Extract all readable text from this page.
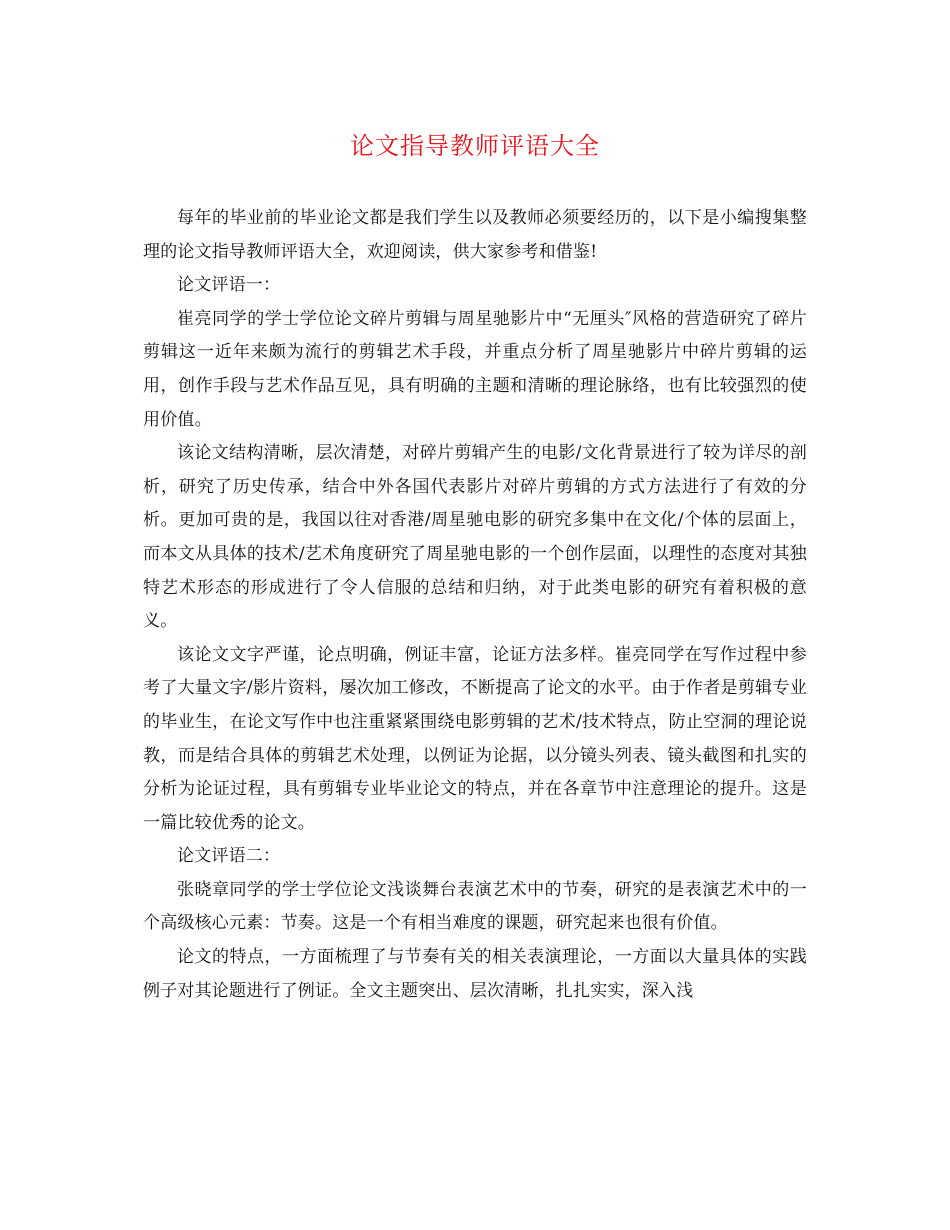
论文指导教师评语大全

每年的毕业前的毕业论文都是我们学生以及教师必须要经历的，以下是小编搜集整理的论文指导教师评语大全，欢迎阅读，供大家参考和借鉴!

论文评语一：

崔亮同学的学士学位论文碎片剪辑与周星驰影片中“无厘头″风格的营造研究了碎片剪辑这一近年来颇为流行的剪辑艺术手段，并重点分析了周星驰影片中碎片剪辑的运用，创作手段与艺术作品互见，具有明确的主题和清晰的理论脉络，也有比较强烈的使用价值。

该论文结构清晰，层次清楚，对碎片剪辑产生的电影/文化背景进行了较为详尽的剖析，研究了历史传承，结合中外各国代表影片对碎片剪辑的方式方法进行了有效的分析。更加可贵的是，我国以往对香港/周星驰电影的研究多集中在文化/个体的层面上，而本文从具体的技术/艺术角度研究了周星驰电影的一个创作层面，以理性的态度对其独特艺术形态的形成进行了令人信服的总结和归纳，对于此类电影的研究有着积极的意义。

该论文文字严谨，论点明确，例证丰富，论证方法多样。崔亮同学在写作过程中参考了大量文字/影片资料，屡次加工修改，不断提高了论文的水平。由于作者是剪辑专业的毕业生，在论文写作中也注重紧紧围绕电影剪辑的艺术/技术特点，防止空洞的理论说教，而是结合具体的剪辑艺术处理，以例证为论据，以分镜头列表、镜头截图和扎实的分析为论证过程，具有剪辑专业毕业论文的特点，并在各章节中注意理论的提升。这是一篇比较优秀的论文。

论文评语二：

张晓章同学的学士学位论文浅谈舞台表演艺术中的节奏，研究的是表演艺术中的一个高级核心元素：节奏。这是一个有相当难度的课题，研究起来也很有价值。

论文的特点，一方面梳理了与节奏有关的相关表演理论，一方面以大量具体的实践例子对其论题进行了例证。全文主题突出、层次清晰，扎扎实实，深入浅
